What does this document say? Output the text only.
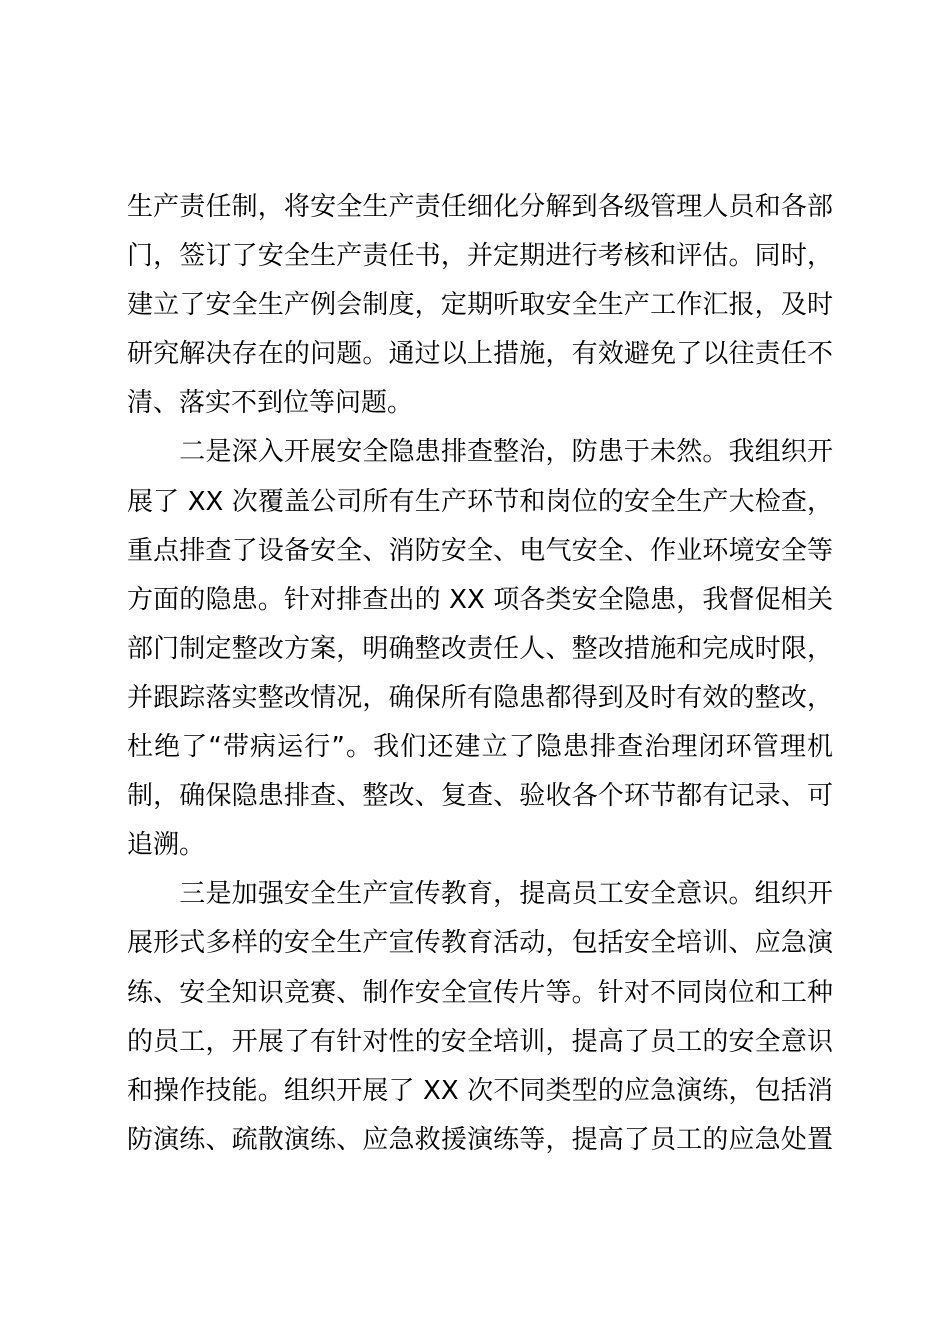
生产责任制，将安全生产责任细化分解到各级管理人员和各部
门，签订了安全生产责任书，并定期进行考核和评估。同时，
建立了安全生产例会制度，定期听取安全生产工作汇报，及时
研究解决存在的问题。通过以上措施，有效避免了以往责任不
清、落实不到位等问题。
　　二是深入开展安全隐患排查整治，防患于未然。我组织开
展了 XX 次覆盖公司所有生产环节和岗位的安全生产大检查，
重点排查了设备安全、消防安全、电气安全、作业环境安全等
方面的隐患。针对排查出的 XX 项各类安全隐患，我督促相关
部门制定整改方案，明确整改责任人、整改措施和完成时限，
并跟踪落实整改情况，确保所有隐患都得到及时有效的整改，
杜绝了“带病运行”。我们还建立了隐患排查治理闭环管理机
制，确保隐患排查、整改、复查、验收各个环节都有记录、可
追溯。
　　三是加强安全生产宣传教育，提高员工安全意识。组织开
展形式多样的安全生产宣传教育活动，包括安全培训、应急演
练、安全知识竞赛、制作安全宣传片等。针对不同岗位和工种
的员工，开展了有针对性的安全培训，提高了员工的安全意识
和操作技能。组织开展了 XX 次不同类型的应急演练，包括消
防演练、疏散演练、应急救援演练等，提高了员工的应急处置
